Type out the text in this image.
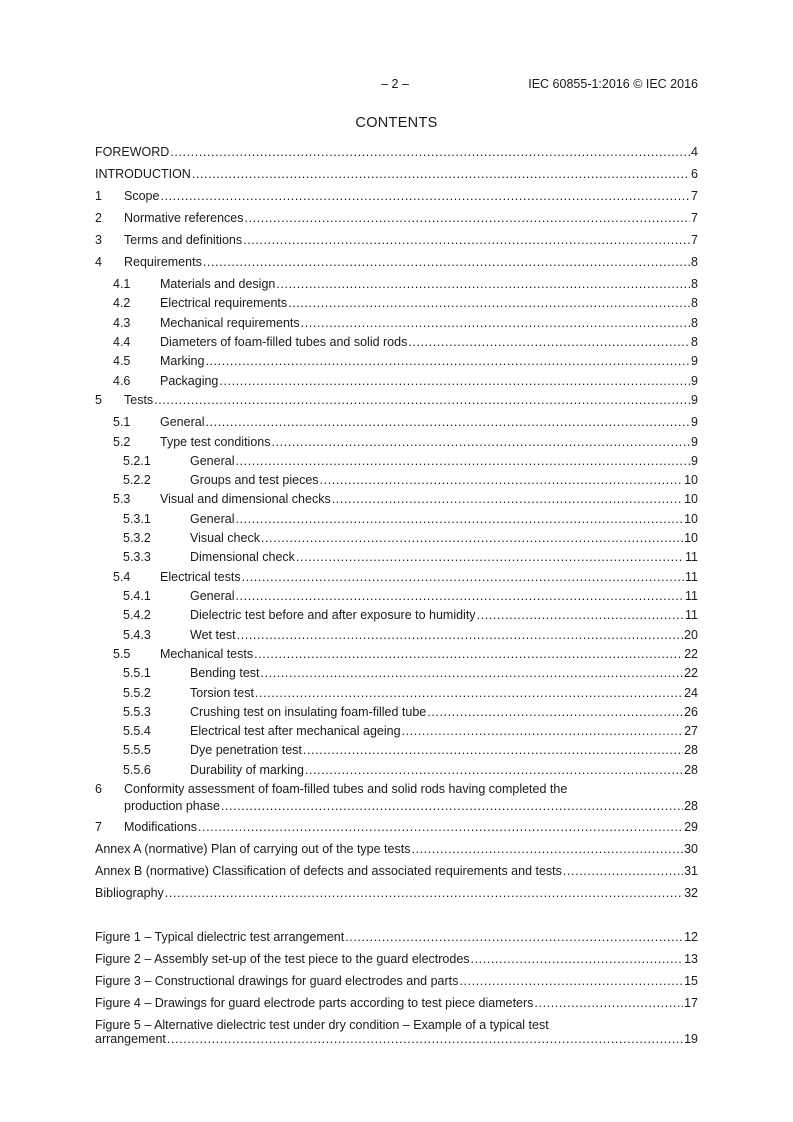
– 2 –	IEC 60855-1:2016 © IEC 2016
CONTENTS
FOREWORD .....	4
INTRODUCTION .....	6
1 Scope .....	7
2 Normative references .....	7
3 Terms and definitions .....	7
4 Requirements .....	8
4.1 Materials and design .....	8
4.2 Electrical requirements .....	8
4.3 Mechanical requirements .....	8
4.4 Diameters of foam-filled tubes and solid rods .....	8
4.5 Marking .....	9
4.6 Packaging .....	9
5 Tests .....	9
5.1 General .....	9
5.2 Type test conditions .....	9
5.2.1	General .....	9
5.2.2	Groups and test pieces .....	10
5.3 Visual and dimensional checks .....	10
5.3.1	General .....	10
5.3.2	Visual check .....	10
5.3.3	Dimensional check .....	11
5.4 Electrical tests .....	11
5.4.1	General .....	11
5.4.2	Dielectric test before and after exposure to humidity .....	11
5.4.3	Wet test .....	20
5.5 Mechanical tests .....	22
5.5.1	Bending test .....	22
5.5.2	Torsion test .....	24
5.5.3	Crushing test on insulating foam-filled tube .....	26
5.5.4	Electrical test after mechanical ageing .....	27
5.5.5	Dye penetration test .....	28
5.5.6	Durability of marking .....	28
6 Conformity assessment of foam-filled tubes and solid rods having completed the
production phase .....	28
7 Modifications .....	29
Annex A (normative) Plan of carrying out of the type tests .....	30
Annex B (normative) Classification of defects and associated requirements and tests .....	31
Bibliography .....	32
Figure 1 – Typical dielectric test arrangement .....	12
Figure 2 – Assembly set-up of the test piece to the guard electrodes .....	13
Figure 3 – Constructional drawings for guard electrodes and parts .....	15
Figure 4 – Drawings for guard electrode parts according to test piece diameters .....	17
Figure 5 – Alternative dielectric test under dry condition – Example of a typical test
arrangement .....	19
